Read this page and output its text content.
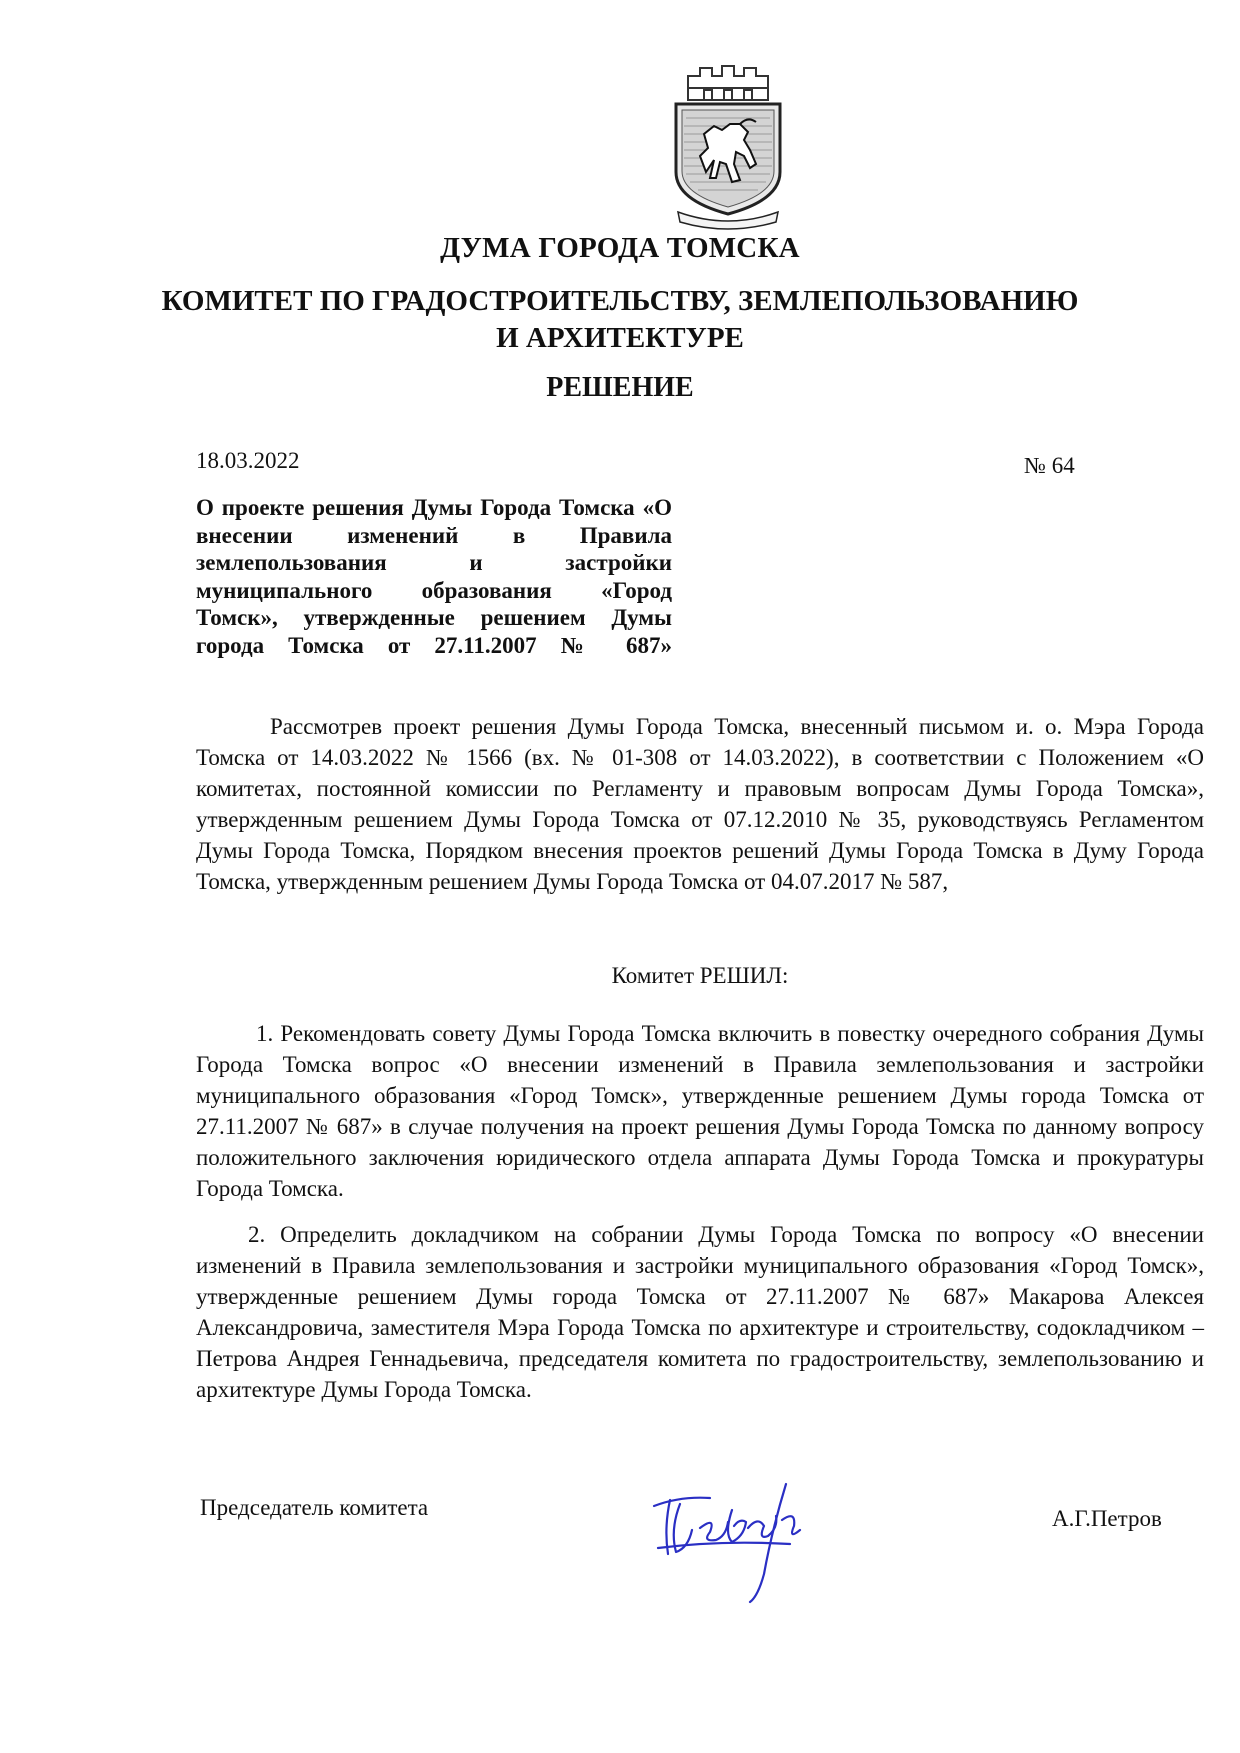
ДУМА ГОРОДА ТОМСКА
КОМИТЕТ ПО ГРАДОСТРОИТЕЛЬСТВУ, ЗЕМЛЕПОЛЬЗОВАНИЮ
И АРХИТЕКТУРЕ
РЕШЕНИЕ
18.03.2022	№ 64
О проекте решения Думы Города Томска «О внесении изменений в Правила землепользования и застройки муниципального образования «Город Томск», утвержденные решением Думы города Томска от 27.11.2007 № 687»

Рассмотрев проект решения Думы Города Томска, внесенный письмом и. о. Мэра Города Томска от 14.03.2022 № 1566 (вх. № 01-308 от 14.03.2022), в соответствии с Положением «О комитетах, постоянной комиссии по Регламенту и правовым вопросам Думы Города Томска», утвержденным решением Думы Города Томска от 07.12.2010 № 35, руководствуясь Регламентом Думы Города Томска, Порядком внесения проектов решений Думы Города Томска в Думу Города Томска, утвержденным решением Думы Города Томска от 04.07.2017 № 587,

Комитет РЕШИЛ:

1. Рекомендовать совету Думы Города Томска включить в повестку очередного собрания Думы Города Томска вопрос «О внесении изменений в Правила землепользования и застройки муниципального образования «Город Томск», утвержденные решением Думы города Томска от 27.11.2007 № 687» в случае получения на проект решения Думы Города Томска по данному вопросу положительного заключения юридического отдела аппарата Думы Города Томска и прокуратуры Города Томска.

2. Определить докладчиком на собрании Думы Города Томска по вопросу «О внесении изменений в Правила землепользования и застройки муниципального образования «Город Томск», утвержденные решением Думы города Томска от 27.11.2007 № 687» Макарова Алексея Александровича, заместителя Мэра Города Томска по архитектуре и строительству, содокладчиком – Петрова Андрея Геннадьевича, председателя комитета по градостроительству, землепользованию и архитектуре Думы Города Томска.

Председатель комитета	А.Г.Петров
